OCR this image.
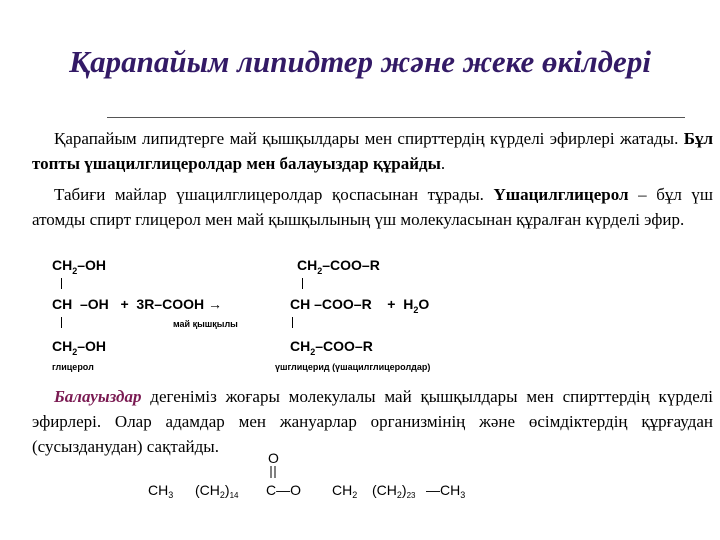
Қарапайым липидтер және жеке өкілдері

Қарапайым липидтерге май қышқылдары мен спирттердің күрделі эфирлері жатады. Бұл топты үшацилглицеролдар мен балауыздар құрайды.

Табиғи майлар үшацилглицеролдар қоспасынан тұрады. Үшацилглицерол – бұл үш атомды спирт глицерол мен май қышқылының үш молекуласынан құралған күрделі эфир.

$CH_2-OH$	$CH_2-COO-R$
CH  –OH   +  3R–COOH →	CH –COO–R    +  $H_2O$
май қышқылы
$CH_2-OH$	$CH_2-COO-R$
глицерол	үшглицерид (үшацилглицеролдар)

Балауыздар дегеніміз жоғары молекулалы май қышқылдары мен спирттердің күрделі эфирлері. Олар адамдар мен жануарлар организмінің және өсімдіктердің құрғаудан (сусызданудан) сақтайды.

O
$CH_3$ $(CH_2)_{14}$ C—O $CH_2$ $(CH_2)_{23}$ $—CH_3$
